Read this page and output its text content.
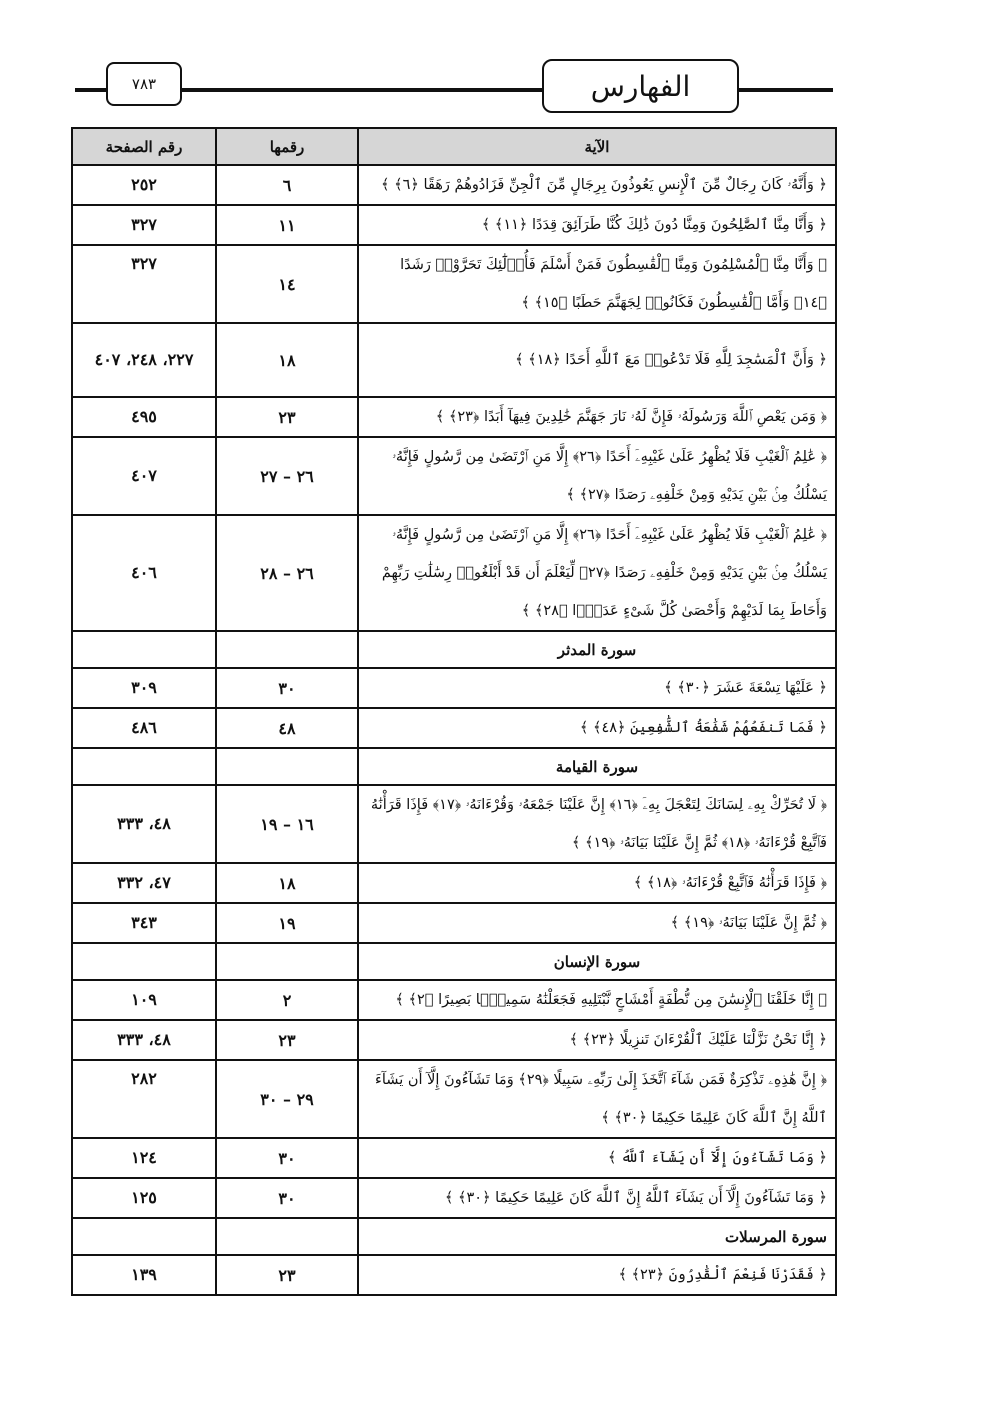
٧٨٣	الفهارس
الآية	رقمها	رقم الصفحة
﴿ وَأَنَّهُۥ كَانَ رِجَالٌ مِّنَ ٱلْإِنسِ يَعُوذُونَ بِرِجَالٍ مِّنَ ٱلْجِنِّ فَزَادُوهُمْ رَهَقًا ﴿٦﴾ ﴾	٦	٢٥٢
﴿ وَأَنَّا مِنَّا ٱلصَّٰلِحُونَ وَمِنَّا دُونَ ذَٰلِكَ كُنَّا طَرَآئِقَ قِدَدًا ﴿١١﴾ ﴾	١١	٣٢٧
﴿ وَأَنَّا مِنَّا ٱلْمُسْلِمُونَ وَمِنَّا ٱلْقَٰسِطُونَ فَمَنْ أَسْلَمَ فَأُو۟لَٰٓئِكَ تَحَرَّوْا۟ رَشَدًا ﴿١٤﴾ وَأَمَّا ٱلْقَٰسِطُونَ فَكَانُوا۟ لِجَهَنَّمَ حَطَبًا ﴿١٥﴾ ﴾	١٤	٣٢٧
﴿ وَأَنَّ ٱلْمَسَٰجِدَ لِلَّهِ فَلَا تَدْعُوا۟ مَعَ ٱللَّهِ أَحَدًا ﴿١٨﴾ ﴾	١٨	٢٢٧، ٢٤٨، ٤٠٧
﴿ وَمَن يَعْصِ ٱللَّهَ وَرَسُولَهُۥ فَإِنَّ لَهُۥ نَارَ جَهَنَّمَ خَٰلِدِينَ فِيهَآ أَبَدًا ﴿٢٣﴾ ﴾	٢٣	٤٩٥
﴿ عَٰلِمُ ٱلْغَيْبِ فَلَا يُظْهِرُ عَلَىٰ غَيْبِهِۦٓ أَحَدًا ﴿٢٦﴾ إِلَّا مَنِ ٱرْتَضَىٰ مِن رَّسُولٍ فَإِنَّهُۥ يَسْلُكُ مِنۢ بَيْنِ يَدَيْهِ وَمِنْ خَلْفِهِۦ رَصَدًا ﴿٢٧﴾ ﴾	٢٦ – ٢٧	٤٠٧
﴿ عَٰلِمُ ٱلْغَيْبِ فَلَا يُظْهِرُ عَلَىٰ غَيْبِهِۦٓ أَحَدًا ﴿٢٦﴾ إِلَّا مَنِ ٱرْتَضَىٰ مِن رَّسُولٍ فَإِنَّهُۥ يَسْلُكُ مِنۢ بَيْنِ يَدَيْهِ وَمِنْ خَلْفِهِۦ رَصَدًا ﴿٢٧﴾ لِّيَعْلَمَ أَن قَدْ أَبْلَغُوا۟ رِسَٰلَٰتِ رَبِّهِمْ وَأَحَاطَ بِمَا لَدَيْهِمْ وَأَحْصَىٰ كُلَّ شَىْءٍ عَدَدًۢا ﴿٢٨﴾ ﴾	٢٦ – ٢٨	٤٠٦
سورة المدثر		
﴿ عَلَيْهَا تِسْعَةَ عَشَرَ ﴿٣٠﴾ ﴾	٣٠	٣٠٩
﴿ فَمَا تَنفَعُهُمْ شَفَٰعَةُ ٱلشَّٰفِعِينَ ﴿٤٨﴾ ﴾	٤٨	٤٨٦
سورة القيامة		
﴿ لَا تُحَرِّكْ بِهِۦ لِسَانَكَ لِتَعْجَلَ بِهِۦٓ ﴿١٦﴾ إِنَّ عَلَيْنَا جَمْعَهُۥ وَقُرْءَانَهُۥ ﴿١٧﴾ فَإِذَا قَرَأْنَٰهُ فَٱتَّبِعْ قُرْءَانَهُۥ ﴿١٨﴾ ثُمَّ إِنَّ عَلَيْنَا بَيَانَهُۥ ﴿١٩﴾ ﴾	١٦ – ١٩	٤٨، ٣٣٣
﴿ فَإِذَا قَرَأْنَٰهُ فَٱتَّبِعْ قُرْءَانَهُۥ ﴿١٨﴾ ﴾	١٨	٤٧، ٣٣٢
﴿ ثُمَّ إِنَّ عَلَيْنَا بَيَانَهُۥ ﴿١٩﴾ ﴾	١٩	٣٤٣
سورة الإنسان		
﴿ إِنَّا خَلَقْنَا ٱلْإِنسَٰنَ مِن نُّطْفَةٍ أَمْشَاجٍ نَّبْتَلِيهِ فَجَعَلْنَٰهُ سَمِيعًۢا بَصِيرًا ﴿٢﴾ ﴾	٢	١٠٩
﴿ إِنَّا نَحْنُ نَزَّلْنَا عَلَيْكَ ٱلْقُرْءَانَ تَنزِيلًا ﴿٢٣﴾ ﴾	٢٣	٤٨، ٣٣٣
﴿ إِنَّ هَٰذِهِۦ تَذْكِرَةٌ فَمَن شَآءَ ٱتَّخَذَ إِلَىٰ رَبِّهِۦ سَبِيلًا ﴿٢٩﴾ وَمَا تَشَآءُونَ إِلَّآ أَن يَشَآءَ ٱللَّهُ إِنَّ ٱللَّهَ كَانَ عَلِيمًا حَكِيمًا ﴿٣٠﴾ ﴾	٢٩ – ٣٠	٢٨٢
﴿ وَمَا تَشَآءُونَ إِلَّآ أَن يَشَآءَ ٱللَّهُ ﴾	٣٠	١٢٤
﴿ وَمَا تَشَآءُونَ إِلَّآ أَن يَشَآءَ ٱللَّهُ إِنَّ ٱللَّهَ كَانَ عَلِيمًا حَكِيمًا ﴿٣٠﴾ ﴾	٣٠	١٢٥
سورة المرسلات		
﴿ فَقَدَرْنَا فَنِعْمَ ٱلْقَٰدِرُونَ ﴿٢٣﴾ ﴾	٢٣	١٣٩
